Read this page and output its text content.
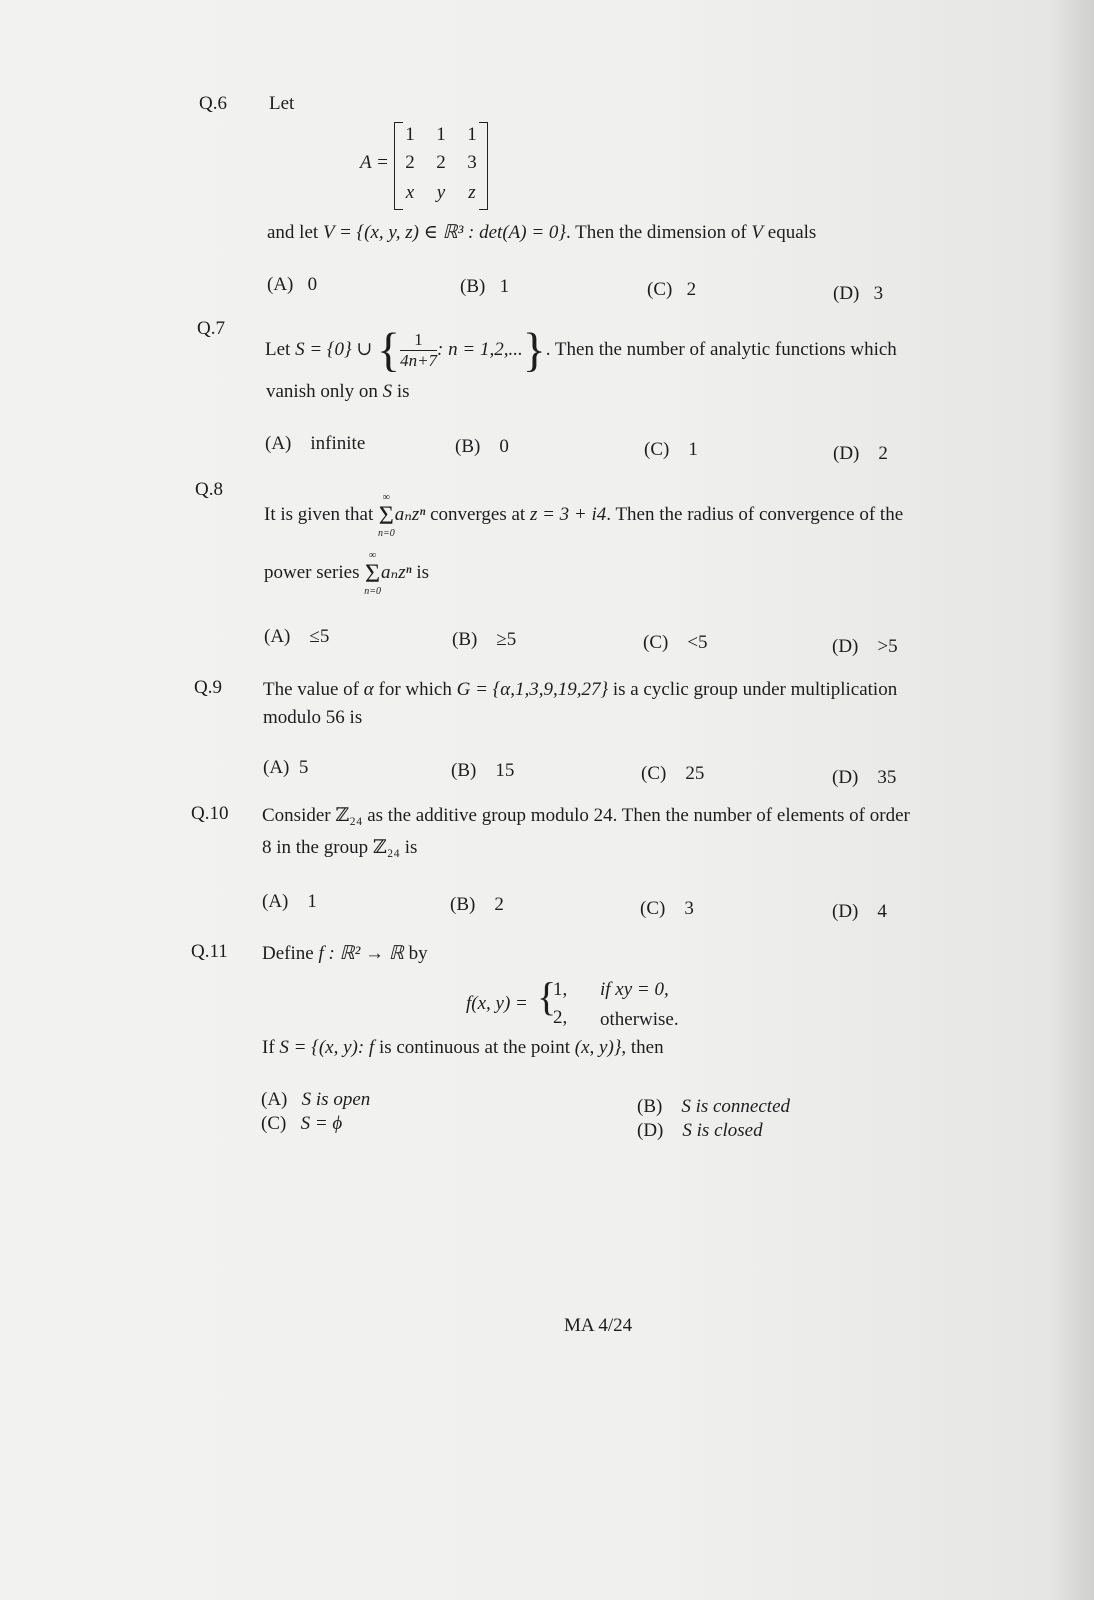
Q.6 Let
A =
1	1	1
2	2	3
x	y	z
and let V = {(x, y, z) ∈ ℝ³ : det(A) = 0}. Then the dimension of V equals
(A) 0	(B) 1	(C) 2	(D) 3
Q.7
Let S = {0} ∪ { $\frac{1}{4n+7}$ : n = 1,2,...}. Then the number of analytic functions which
vanish only on S is
(A) infinite	(B) 0	(C) 1	(D) 2
Q.8
It is given that
∞
Σ
n=0
aₙzⁿ converges at z = 3 + i4. Then the radius of convergence of the
power series
∞
Σ
n=0
aₙzⁿ is
(A) ≤5	(B) ≥5	(C) <5	(D) >5
Q.9 The value of α for which G = {α,1,3,9,19,27} is a cyclic group under multiplication
modulo 56 is
(A) 5	(B) 15	(C) 25	(D) 35
Q.10 Consider ℤ₂₄ as the additive group modulo 24. Then the number of elements of order
8 in the group ℤ₂₄ is
(A) 1	(B) 2	(C) 3	(D) 4
Q.11 Define f : ℝ² → ℝ by
f(x, y) = {
1, if xy = 0,
2, otherwise.
If S = {(x, y): f is continuous at the point (x, y)}, then
(A) S is open
(C) S = ϕ
(B) S is connected
(D) S is closed
MA 4/24
